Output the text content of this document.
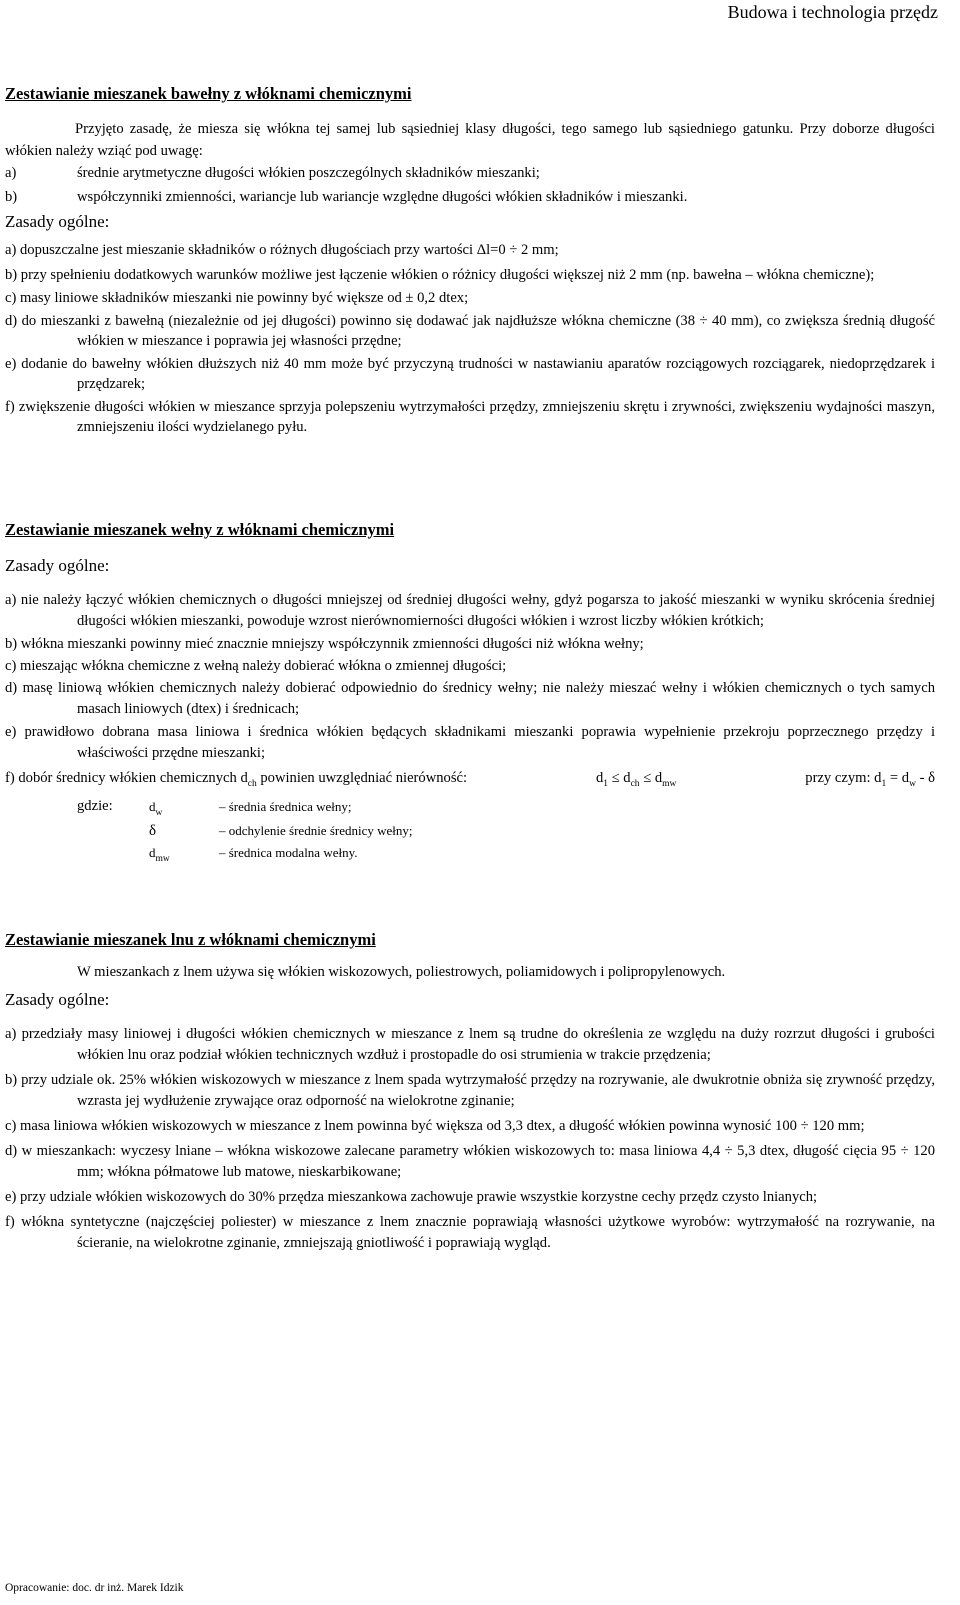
Budowa i technologia przędz
Zestawianie mieszanek bawełny z włóknami chemicznymi

Przyjęto zasadę, że miesza się włókna tej samej lub sąsiedniej klasy długości, tego samego lub sąsiedniego gatunku. Przy doborze długości włókien należy wziąć pod uwagę:

a)	średnie arytmetyczne długości włókien poszczególnych składników mieszanki;
b)	współczynniki zmienności, wariancje lub wariancje względne długości włókien składników i mieszanki.
Zasady ogólne:

a) dopuszczalne jest mieszanie składników o różnych długościach przy wartości Δl=0 ÷ 2 mm;

b) przy spełnieniu dodatkowych warunków możliwe jest łączenie włókien o różnicy długości większej niż 2 mm (np. bawełna – włókna chemiczne);

c) masy liniowe składników mieszanki nie powinny być większe od ± 0,2 dtex;

d) do mieszanki z bawełną (niezależnie od jej długości) powinno się dodawać jak najdłuższe włókna chemiczne (38 ÷ 40 mm), co zwiększa średnią długość włókien w mieszance i poprawia jej własności przędne;

e) dodanie do bawełny włókien dłuższych niż 40 mm może być przyczyną trudności w nastawianiu aparatów rozciągowych rozciągarek, niedoprzędzarek i przędzarek;

f) zwiększenie długości włókien w mieszance sprzyja polepszeniu wytrzymałości przędzy, zmniejszeniu skrętu i zrywności, zwiększeniu wydajności maszyn, zmniejszeniu ilości wydzielanego pyłu.

Zestawianie mieszanek wełny z włóknami chemicznymi
Zasady ogólne:

a) nie należy łączyć włókien chemicznych o długości mniejszej od średniej długości wełny, gdyż pogarsza to jakość mieszanki w wyniku skrócenia średniej długości włókien mieszanki, powoduje wzrost nierównomierności długości włókien i wzrost liczby włókien krótkich;

b) włókna mieszanki powinny mieć znacznie mniejszy współczynnik zmienności długości niż włókna wełny;

c) mieszając włókna chemiczne z wełną należy dobierać włókna o zmiennej długości;

d) masę liniową włókien chemicznych należy dobierać odpowiednio do średnicy wełny; nie należy mieszać wełny i włókien chemicznych o tych samych masach liniowych (dtex) i średnicach;

e) prawidłowo dobrana masa liniowa i średnica włókien będących składnikami mieszanki poprawia wypełnienie przekroju poprzecznego przędzy i właściwości przędne mieszanki;

f) dobór średnicy włókien chemicznych $d_{ch}$ powinien uwzględniać nierówność:	$d_1 \le d_{ch} \le d_{mw}$	przy czym: $d_1 = d_w - \delta$
gdzie:	$d_w$	– średnia średnica wełny;
δ	– odchylenie średnie średnicy wełny;
$d_{mw}$	– średnica modalna wełny.
Zestawianie mieszanek lnu z włóknami chemicznymi

W mieszankach z lnem używa się włókien wiskozowych, poliestrowych, poliamidowych i polipropylenowych.

Zasady ogólne:

a) przedziały masy liniowej i długości włókien chemicznych w mieszance z lnem są trudne do określenia ze względu na duży rozrzut długości i grubości włókien lnu oraz podział włókien technicznych wzdłuż i prostopadle do osi strumienia w trakcie przędzenia;

b) przy udziale ok. 25% włókien wiskozowych w mieszance z lnem spada wytrzymałość przędzy na rozrywanie, ale dwukrotnie obniża się zrywność przędzy, wzrasta jej wydłużenie zrywające oraz odporność na wielokrotne zginanie;

c) masa liniowa włókien wiskozowych w mieszance z lnem powinna być większa od 3,3 dtex, a długość włókien powinna wynosić 100 ÷ 120 mm;

d) w mieszankach: wyczesy lniane – włókna wiskozowe zalecane parametry włókien wiskozowych to: masa liniowa 4,4 ÷ 5,3 dtex, długość cięcia 95 ÷ 120 mm; włókna półmatowe lub matowe, nieskarbikowane;

e) przy udziale włókien wiskozowych do 30% przędza mieszankowa zachowuje prawie wszystkie korzystne cechy przędz czysto lnianych;

f) włókna syntetyczne (najczęściej poliester) w mieszance z lnem znacznie poprawiają własności użytkowe wyrobów: wytrzymałość na rozrywanie, na ścieranie, na wielokrotne zginanie, zmniejszają gniotliwość i poprawiają wygląd.

Opracowanie: doc. dr inż. Marek Idzik
